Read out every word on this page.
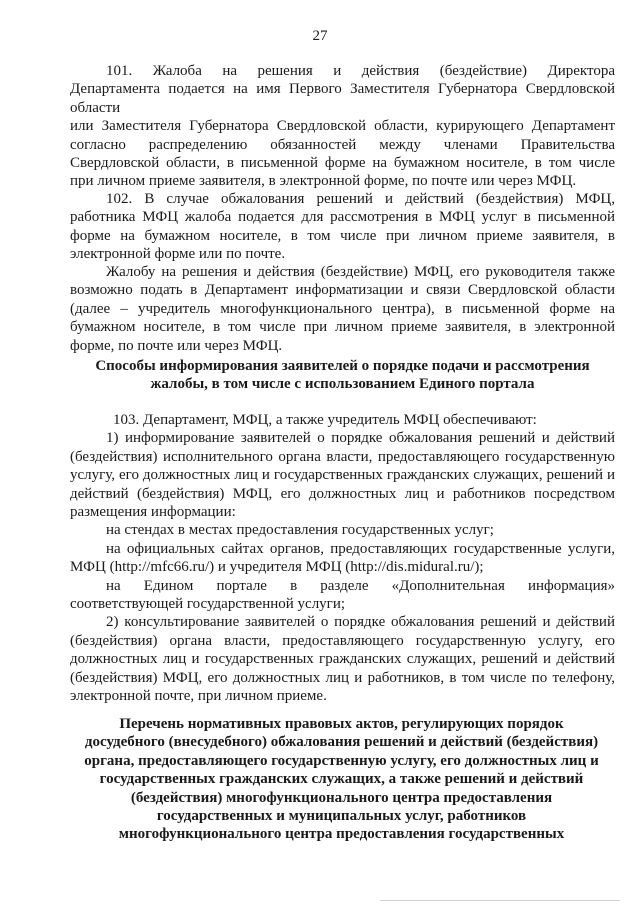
27

101. Жалоба на решения и действия (бездействие) Директора

Департамента подается на имя Первого Заместителя Губернатора Свердловской

области

или Заместителя Губернатора Свердловской области, курирующего Департамент

согласно распределению обязанностей между членами Правительства

Свердловской области, в письменной форме на бумажном носителе, в том числе

при личном приеме заявителя, в электронной форме, по почте или через МФЦ.

102. В случае обжалования решений и действий (бездействия) МФЦ, работника МФЦ жалоба подается для рассмотрения в МФЦ услуг в письменной форме на бумажном носителе, в том числе при личном приеме заявителя, в электронной форме или по почте.

Жалобу на решения и действия (бездействие) МФЦ, его руководителя также возможно подать в Департамент информатизации и связи Свердловской области (далее – учредитель многофункционального центра), в письменной форме на бумажном носителе, в том числе при личном приеме заявителя, в электронной форме, по почте или через МФЦ.

Способы информирования заявителей о порядке подачи и рассмотрения жалобы, в том числе с использованием Единого портала

103. Департамент, МФЦ, а также учредитель МФЦ обеспечивают:

1) информирование заявителей о порядке обжалования решений и действий (бездействия) исполнительного органа власти, предоставляющего государственную услугу, его должностных лиц и государственных гражданских служащих, решений и действий (бездействия) МФЦ, его должностных лиц и работников посредством размещения информации:

на стендах в местах предоставления государственных услуг;

на официальных сайтах органов, предоставляющих государственные услуги, МФЦ (http://mfc66.ru/) и учредителя МФЦ (http://dis.midural.ru/);

на Едином портале в разделе «Дополнительная информация» соответствующей государственной услуги;

2) консультирование заявителей о порядке обжалования решений и действий (бездействия) органа власти, предоставляющего государственную услугу, его должностных лиц и государственных гражданских служащих, решений и действий (бездействия) МФЦ, его должностных лиц и работников, в том числе по телефону, электронной почте, при личном приеме.

Перечень нормативных правовых актов, регулирующих порядок досудебного (внесудебного) обжалования решений и действий (бездействия) органа, предоставляющего государственную услугу, его должностных лиц и государственных гражданских служащих, а также решений и действий (бездействия) многофункционального центра предоставления государственных и муниципальных услуг, работников многофункционального центра предоставления государственных
